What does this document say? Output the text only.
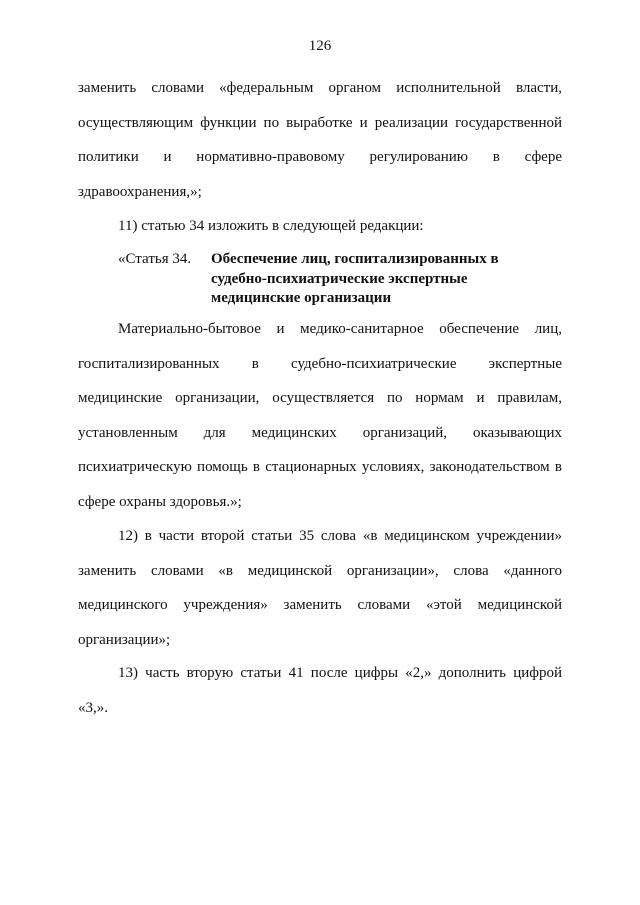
126

заменить словами «федеральным органом исполнительной власти, осуществляющим функции по выработке и реализации государственной политики и нормативно-правовому регулированию в сфере здравоохранения,»;

11) статью 34 изложить в следующей редакции:

«Статья 34. Обеспечение лиц, госпитализированных в судебно-психиатрические экспертные медицинские организации

Материально-бытовое и медико-санитарное обеспечение лиц, госпитализированных в судебно-психиатрические экспертные медицинские организации, осуществляется по нормам и правилам, установленным для медицинских организаций, оказывающих психиатрическую помощь в стационарных условиях, законодательством в сфере охраны здоровья.»;

12) в части второй статьи 35 слова «в медицинском учреждении» заменить словами «в медицинской организации», слова «данного медицинского учреждения» заменить словами «этой медицинской организации»;

13) часть вторую статьи 41 после цифры «2,» дополнить цифрой «3,».
